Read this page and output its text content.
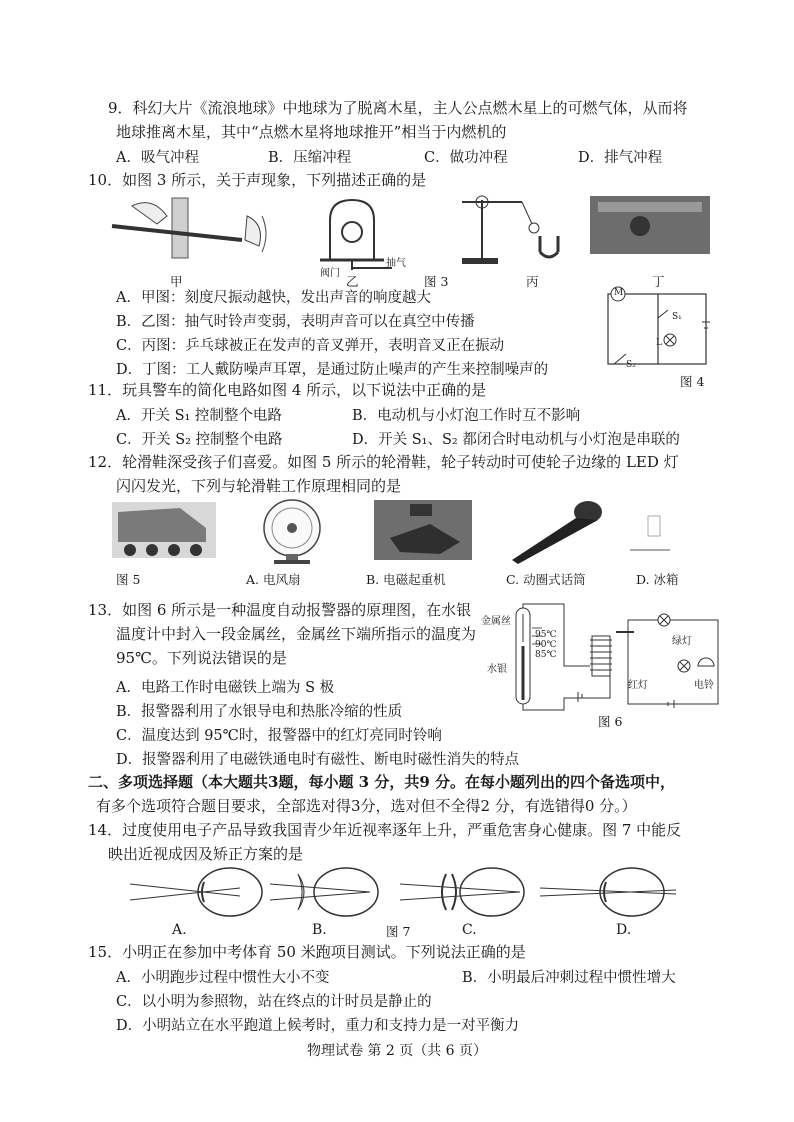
9．科幻大片《流浪地球》中地球为了脱离木星，主人公点燃木星上的可燃气体，从而将
地球推离木星，其中“点燃木星将地球推开”相当于内燃机的
A．吸气冲程	B．压缩冲程	C．做功冲程	D．排气冲程
10．如图 3 所示，关于声现象，下列描述正确的是
甲
阀门
抽气
乙	图 3	丙	丁
A．甲图：刻度尺振动越快，发出声音的响度越大
B．乙图：抽气时铃声变弱，表明声音可以在真空中传播
C．丙图：乒乓球被正在发声的音叉弹开，表明音叉正在振动
D．丁图：工人戴防噪声耳罩，是通过防止噪声的产生来控制噪声的
M
S₁
L
S₂
图 4
11．玩具警车的简化电路如图 4 所示，以下说法中正确的是
A．开关 S₁ 控制整个电路	B．电动机与小灯泡工作时互不影响
C．开关 S₂ 控制整个电路	D．开关 S₁、S₂ 都闭合时电动机与小灯泡是串联的
12．轮滑鞋深受孩子们喜爱。如图 5 所示的轮滑鞋，轮子转动时可使轮子边缘的 LED 灯
闪闪发光，下列与轮滑鞋工作原理相同的是
图 5	A. 电风扇	B. 电磁起重机	C. 动圈式话筒	D. 冰箱
13．如图 6 所示是一种温度自动报警器的原理图，在水银
温度计中封入一段金属丝，金属丝下端所指示的温度为
95℃。下列说法错误的是
A．电路工作时电磁铁上端为 S 极
B．报警器利用了水银导电和热胀冷缩的性质
C．温度达到 95℃时，报警器中的红灯亮同时铃响
D．报警器利用了电磁铁通电时有磁性、断电时磁性消失的特点
金属丝
95℃
90℃
85℃
水银
绿灯
红灯	电铃
图 6
二、多项选择题（本大题共3题，每小题 3 分，共9 分。在每小题列出的四个备选项中，
有多个选项符合题目要求，全部选对得3分，选对但不全得2 分，有选错得0 分。）
14．过度使用电子产品导致我国青少年近视率逐年上升，严重危害身心健康。图 7 中能反
映出近视成因及矫正方案的是
A.	B.	图 7	C.	D.
15．小明正在参加中考体育 50 米跑项目测试。下列说法正确的是
A．小明跑步过程中惯性大小不变	B．小明最后冲刺过程中惯性增大
C．以小明为参照物，站在终点的计时员是静止的
D．小明站立在水平跑道上候考时，重力和支持力是一对平衡力
物理试卷 第 2 页（共 6 页）
